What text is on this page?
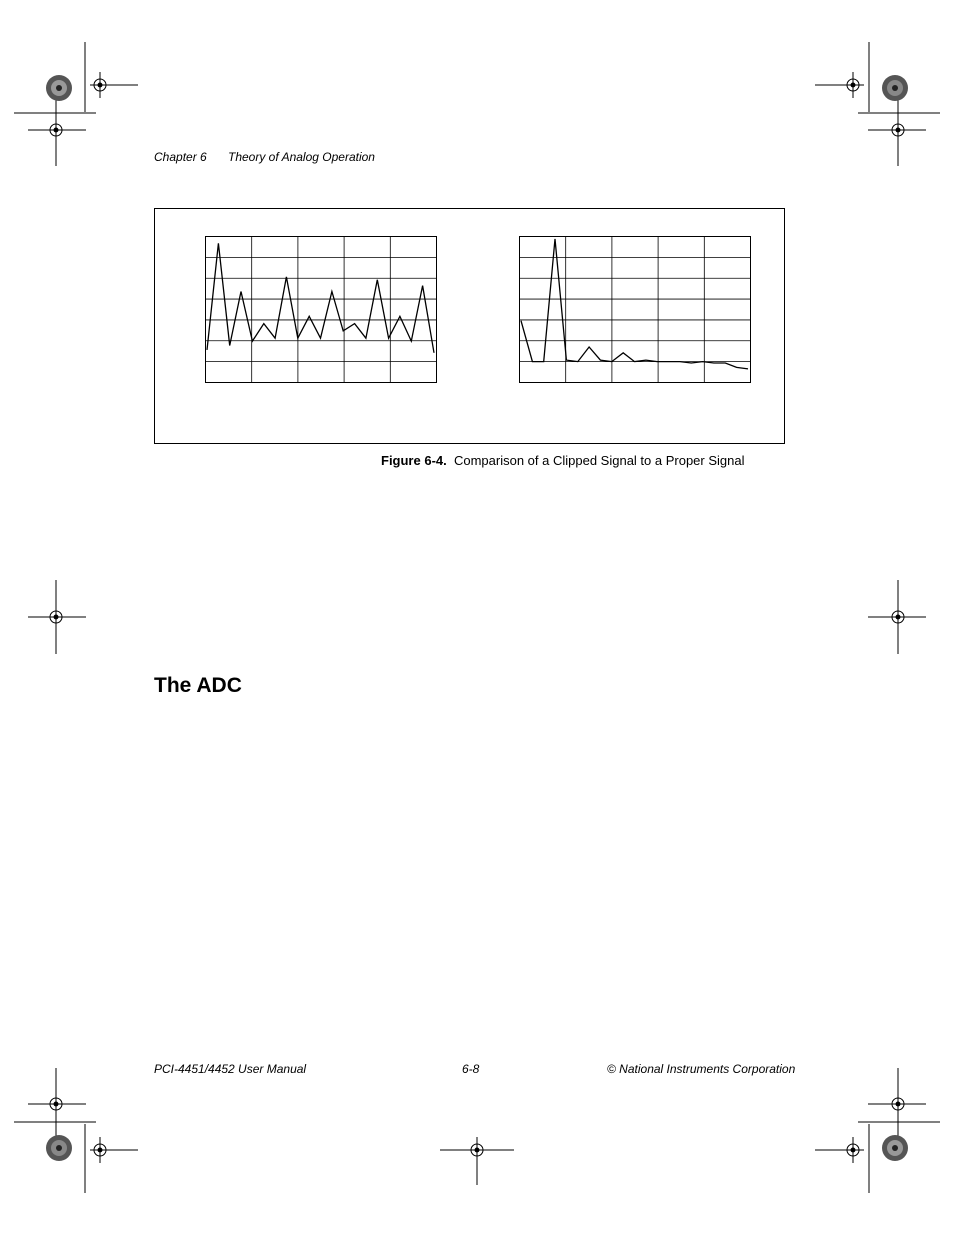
Chapter 6 Theory of Analog Operation
Figure 6-4. Comparison of a Clipped Signal to a Proper Signal
The ADC
PCI-4451/4452 User Manual	6-8	© National Instruments Corporation
